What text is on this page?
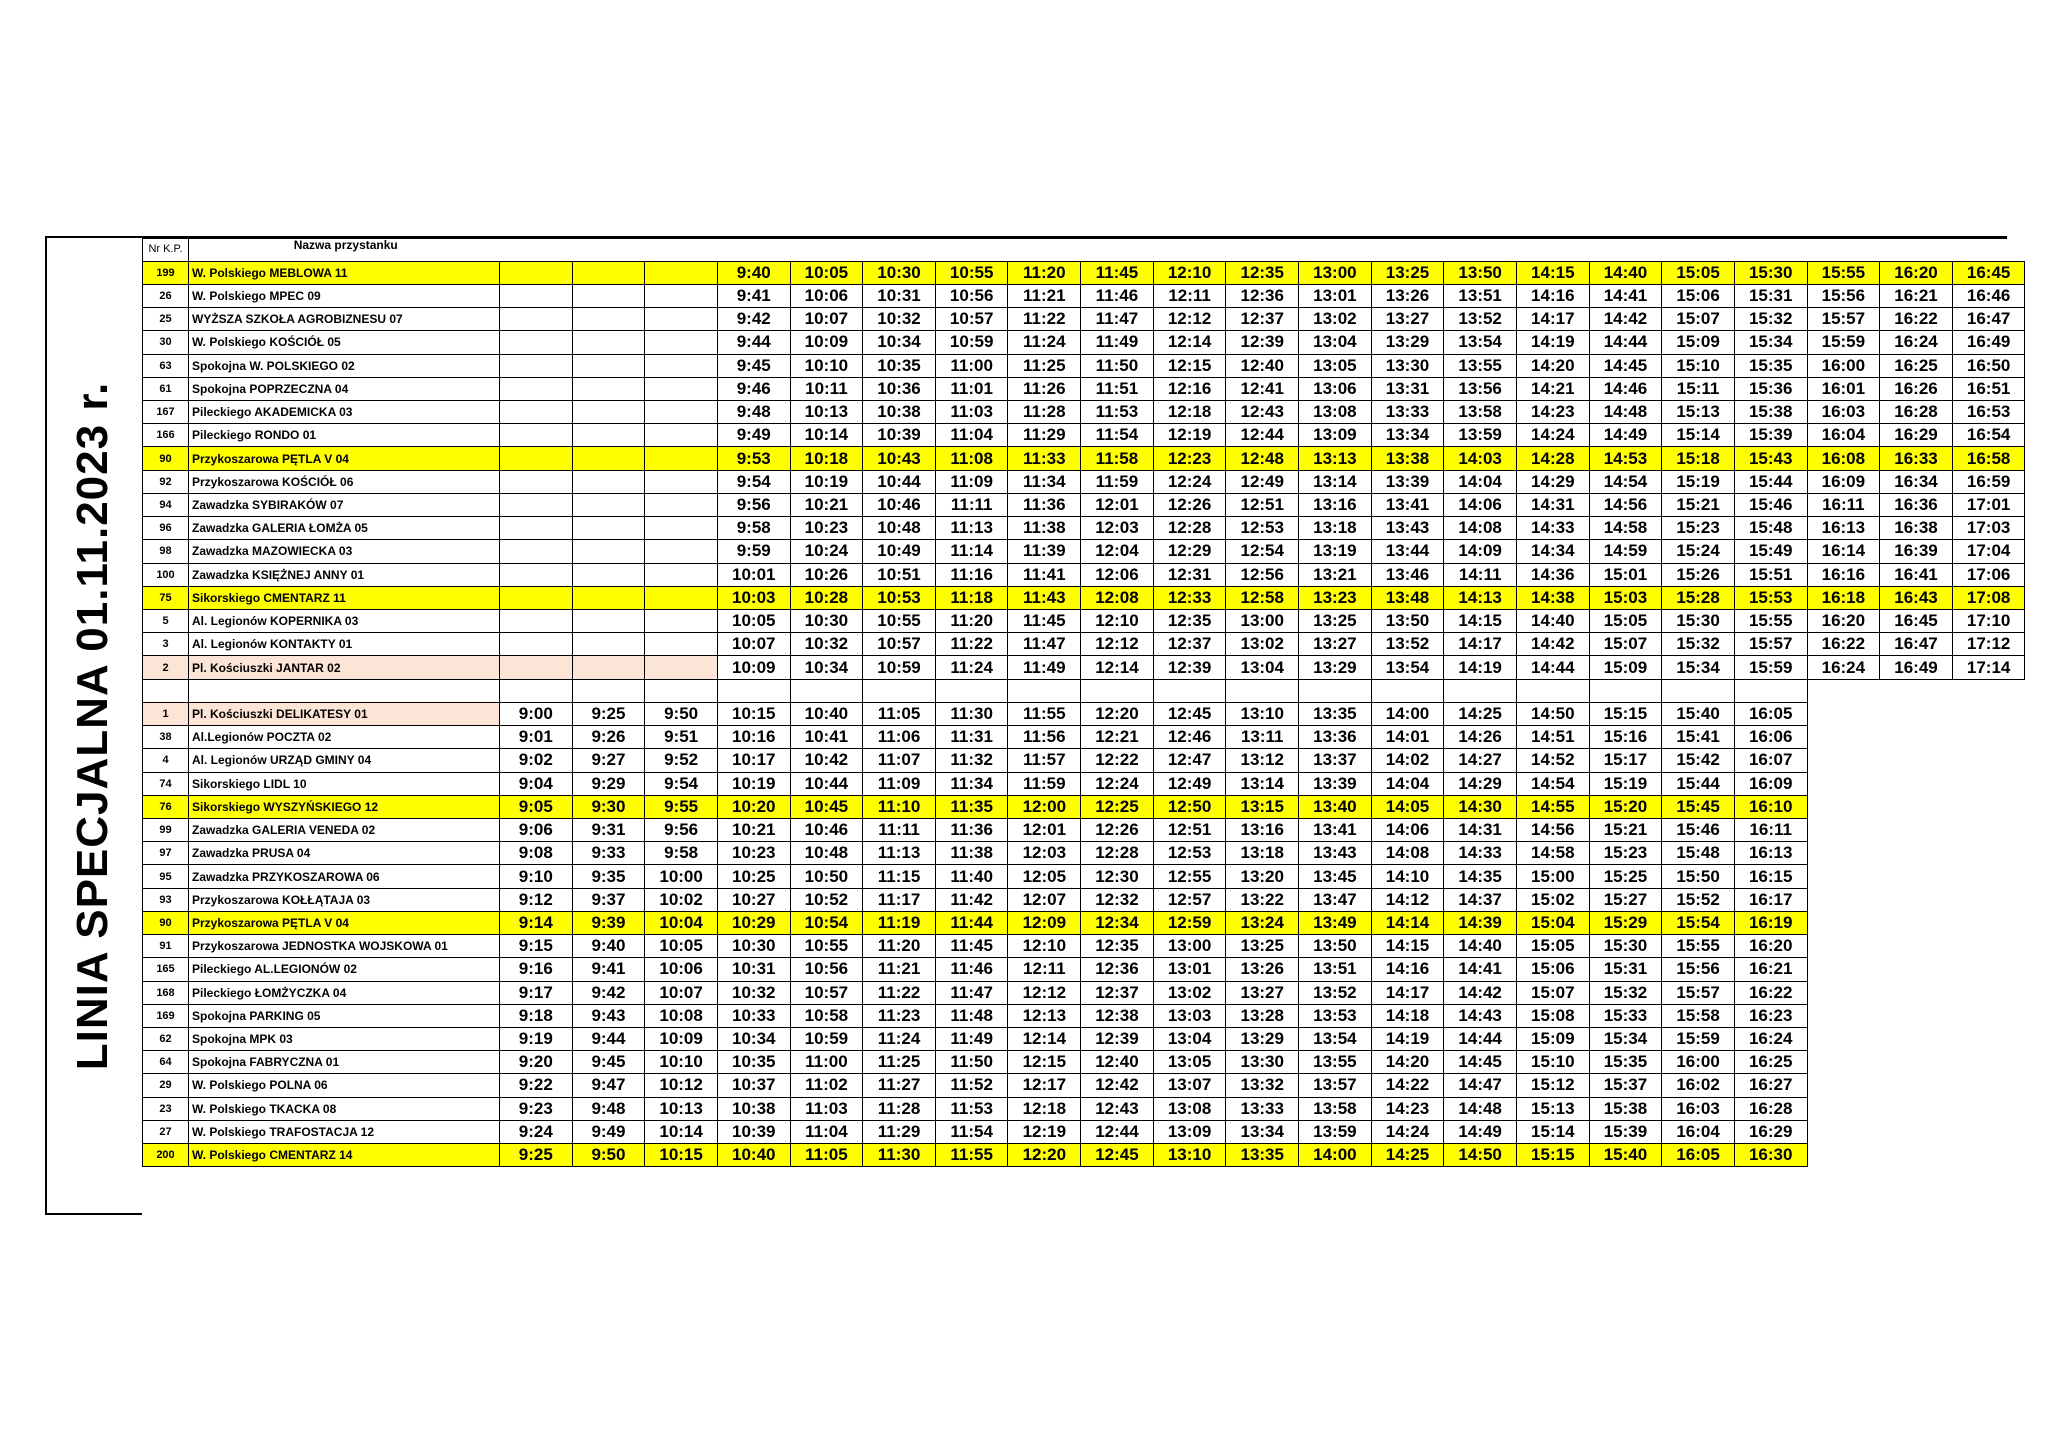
LINIA SPECJALNA 01.11.2023 r.
Nr K.P.	Nazwa przystanku																					
199	W. Polskiego MEBLOWA 11				9:40	10:05	10:30	10:55	11:20	11:45	12:10	12:35	13:00	13:25	13:50	14:15	14:40	15:05	15:30	15:55	16:20	16:45
26	W. Polskiego MPEC 09				9:41	10:06	10:31	10:56	11:21	11:46	12:11	12:36	13:01	13:26	13:51	14:16	14:41	15:06	15:31	15:56	16:21	16:46
25	WYŻSZA SZKOŁA AGROBIZNESU 07				9:42	10:07	10:32	10:57	11:22	11:47	12:12	12:37	13:02	13:27	13:52	14:17	14:42	15:07	15:32	15:57	16:22	16:47
30	W. Polskiego KOŚCIÓŁ 05				9:44	10:09	10:34	10:59	11:24	11:49	12:14	12:39	13:04	13:29	13:54	14:19	14:44	15:09	15:34	15:59	16:24	16:49
63	Spokojna W. POLSKIEGO 02				9:45	10:10	10:35	11:00	11:25	11:50	12:15	12:40	13:05	13:30	13:55	14:20	14:45	15:10	15:35	16:00	16:25	16:50
61	Spokojna POPRZECZNA 04				9:46	10:11	10:36	11:01	11:26	11:51	12:16	12:41	13:06	13:31	13:56	14:21	14:46	15:11	15:36	16:01	16:26	16:51
167	Pileckiego AKADEMICKA 03				9:48	10:13	10:38	11:03	11:28	11:53	12:18	12:43	13:08	13:33	13:58	14:23	14:48	15:13	15:38	16:03	16:28	16:53
166	Pileckiego RONDO 01				9:49	10:14	10:39	11:04	11:29	11:54	12:19	12:44	13:09	13:34	13:59	14:24	14:49	15:14	15:39	16:04	16:29	16:54
90	Przykoszarowa PĘTLA V 04				9:53	10:18	10:43	11:08	11:33	11:58	12:23	12:48	13:13	13:38	14:03	14:28	14:53	15:18	15:43	16:08	16:33	16:58
92	Przykoszarowa KOŚCIÓŁ 06				9:54	10:19	10:44	11:09	11:34	11:59	12:24	12:49	13:14	13:39	14:04	14:29	14:54	15:19	15:44	16:09	16:34	16:59
94	Zawadzka SYBIRAKÓW 07				9:56	10:21	10:46	11:11	11:36	12:01	12:26	12:51	13:16	13:41	14:06	14:31	14:56	15:21	15:46	16:11	16:36	17:01
96	Zawadzka GALERIA ŁOMŻA 05				9:58	10:23	10:48	11:13	11:38	12:03	12:28	12:53	13:18	13:43	14:08	14:33	14:58	15:23	15:48	16:13	16:38	17:03
98	Zawadzka MAZOWIECKA 03				9:59	10:24	10:49	11:14	11:39	12:04	12:29	12:54	13:19	13:44	14:09	14:34	14:59	15:24	15:49	16:14	16:39	17:04
100	Zawadzka KSIĘŻNEJ ANNY 01				10:01	10:26	10:51	11:16	11:41	12:06	12:31	12:56	13:21	13:46	14:11	14:36	15:01	15:26	15:51	16:16	16:41	17:06
75	Sikorskiego CMENTARZ 11				10:03	10:28	10:53	11:18	11:43	12:08	12:33	12:58	13:23	13:48	14:13	14:38	15:03	15:28	15:53	16:18	16:43	17:08
5	Al. Legionów KOPERNIKA 03				10:05	10:30	10:55	11:20	11:45	12:10	12:35	13:00	13:25	13:50	14:15	14:40	15:05	15:30	15:55	16:20	16:45	17:10
3	Al. Legionów KONTAKTY 01				10:07	10:32	10:57	11:22	11:47	12:12	12:37	13:02	13:27	13:52	14:17	14:42	15:07	15:32	15:57	16:22	16:47	17:12
2	Pl. Kościuszki JANTAR 02				10:09	10:34	10:59	11:24	11:49	12:14	12:39	13:04	13:29	13:54	14:19	14:44	15:09	15:34	15:59	16:24	16:49	17:14

1	Pl. Kościuszki DELIKATESY 01	9:00	9:25	9:50	10:15	10:40	11:05	11:30	11:55	12:20	12:45	13:10	13:35	14:00	14:25	14:50	15:15	15:40	16:05			
38	Al.Legionów POCZTA 02	9:01	9:26	9:51	10:16	10:41	11:06	11:31	11:56	12:21	12:46	13:11	13:36	14:01	14:26	14:51	15:16	15:41	16:06			
4	Al. Legionów URZĄD GMINY 04	9:02	9:27	9:52	10:17	10:42	11:07	11:32	11:57	12:22	12:47	13:12	13:37	14:02	14:27	14:52	15:17	15:42	16:07			
74	Sikorskiego LIDL 10	9:04	9:29	9:54	10:19	10:44	11:09	11:34	11:59	12:24	12:49	13:14	13:39	14:04	14:29	14:54	15:19	15:44	16:09			
76	Sikorskiego WYSZYŃSKIEGO 12	9:05	9:30	9:55	10:20	10:45	11:10	11:35	12:00	12:25	12:50	13:15	13:40	14:05	14:30	14:55	15:20	15:45	16:10			
99	Zawadzka GALERIA VENEDA 02	9:06	9:31	9:56	10:21	10:46	11:11	11:36	12:01	12:26	12:51	13:16	13:41	14:06	14:31	14:56	15:21	15:46	16:11			
97	Zawadzka PRUSA 04	9:08	9:33	9:58	10:23	10:48	11:13	11:38	12:03	12:28	12:53	13:18	13:43	14:08	14:33	14:58	15:23	15:48	16:13			
95	Zawadzka PRZYKOSZAROWA 06	9:10	9:35	10:00	10:25	10:50	11:15	11:40	12:05	12:30	12:55	13:20	13:45	14:10	14:35	15:00	15:25	15:50	16:15			
93	Przykoszarowa KOŁŁĄTAJA 03	9:12	9:37	10:02	10:27	10:52	11:17	11:42	12:07	12:32	12:57	13:22	13:47	14:12	14:37	15:02	15:27	15:52	16:17			
90	Przykoszarowa PĘTLA V 04	9:14	9:39	10:04	10:29	10:54	11:19	11:44	12:09	12:34	12:59	13:24	13:49	14:14	14:39	15:04	15:29	15:54	16:19			
91	Przykoszarowa JEDNOSTKA WOJSKOWA 01	9:15	9:40	10:05	10:30	10:55	11:20	11:45	12:10	12:35	13:00	13:25	13:50	14:15	14:40	15:05	15:30	15:55	16:20			
165	Pileckiego AL.LEGIONÓW 02	9:16	9:41	10:06	10:31	10:56	11:21	11:46	12:11	12:36	13:01	13:26	13:51	14:16	14:41	15:06	15:31	15:56	16:21			
168	Pileckiego ŁOMŻYCZKA 04	9:17	9:42	10:07	10:32	10:57	11:22	11:47	12:12	12:37	13:02	13:27	13:52	14:17	14:42	15:07	15:32	15:57	16:22			
169	Spokojna PARKING 05	9:18	9:43	10:08	10:33	10:58	11:23	11:48	12:13	12:38	13:03	13:28	13:53	14:18	14:43	15:08	15:33	15:58	16:23			
62	Spokojna MPK 03	9:19	9:44	10:09	10:34	10:59	11:24	11:49	12:14	12:39	13:04	13:29	13:54	14:19	14:44	15:09	15:34	15:59	16:24			
64	Spokojna FABRYCZNA 01	9:20	9:45	10:10	10:35	11:00	11:25	11:50	12:15	12:40	13:05	13:30	13:55	14:20	14:45	15:10	15:35	16:00	16:25			
29	W. Polskiego POLNA 06	9:22	9:47	10:12	10:37	11:02	11:27	11:52	12:17	12:42	13:07	13:32	13:57	14:22	14:47	15:12	15:37	16:02	16:27			
23	W. Polskiego TKACKA 08	9:23	9:48	10:13	10:38	11:03	11:28	11:53	12:18	12:43	13:08	13:33	13:58	14:23	14:48	15:13	15:38	16:03	16:28			
27	W. Polskiego TRAFOSTACJA 12	9:24	9:49	10:14	10:39	11:04	11:29	11:54	12:19	12:44	13:09	13:34	13:59	14:24	14:49	15:14	15:39	16:04	16:29			
200	W. Polskiego CMENTARZ 14	9:25	9:50	10:15	10:40	11:05	11:30	11:55	12:20	12:45	13:10	13:35	14:00	14:25	14:50	15:15	15:40	16:05	16:30			
